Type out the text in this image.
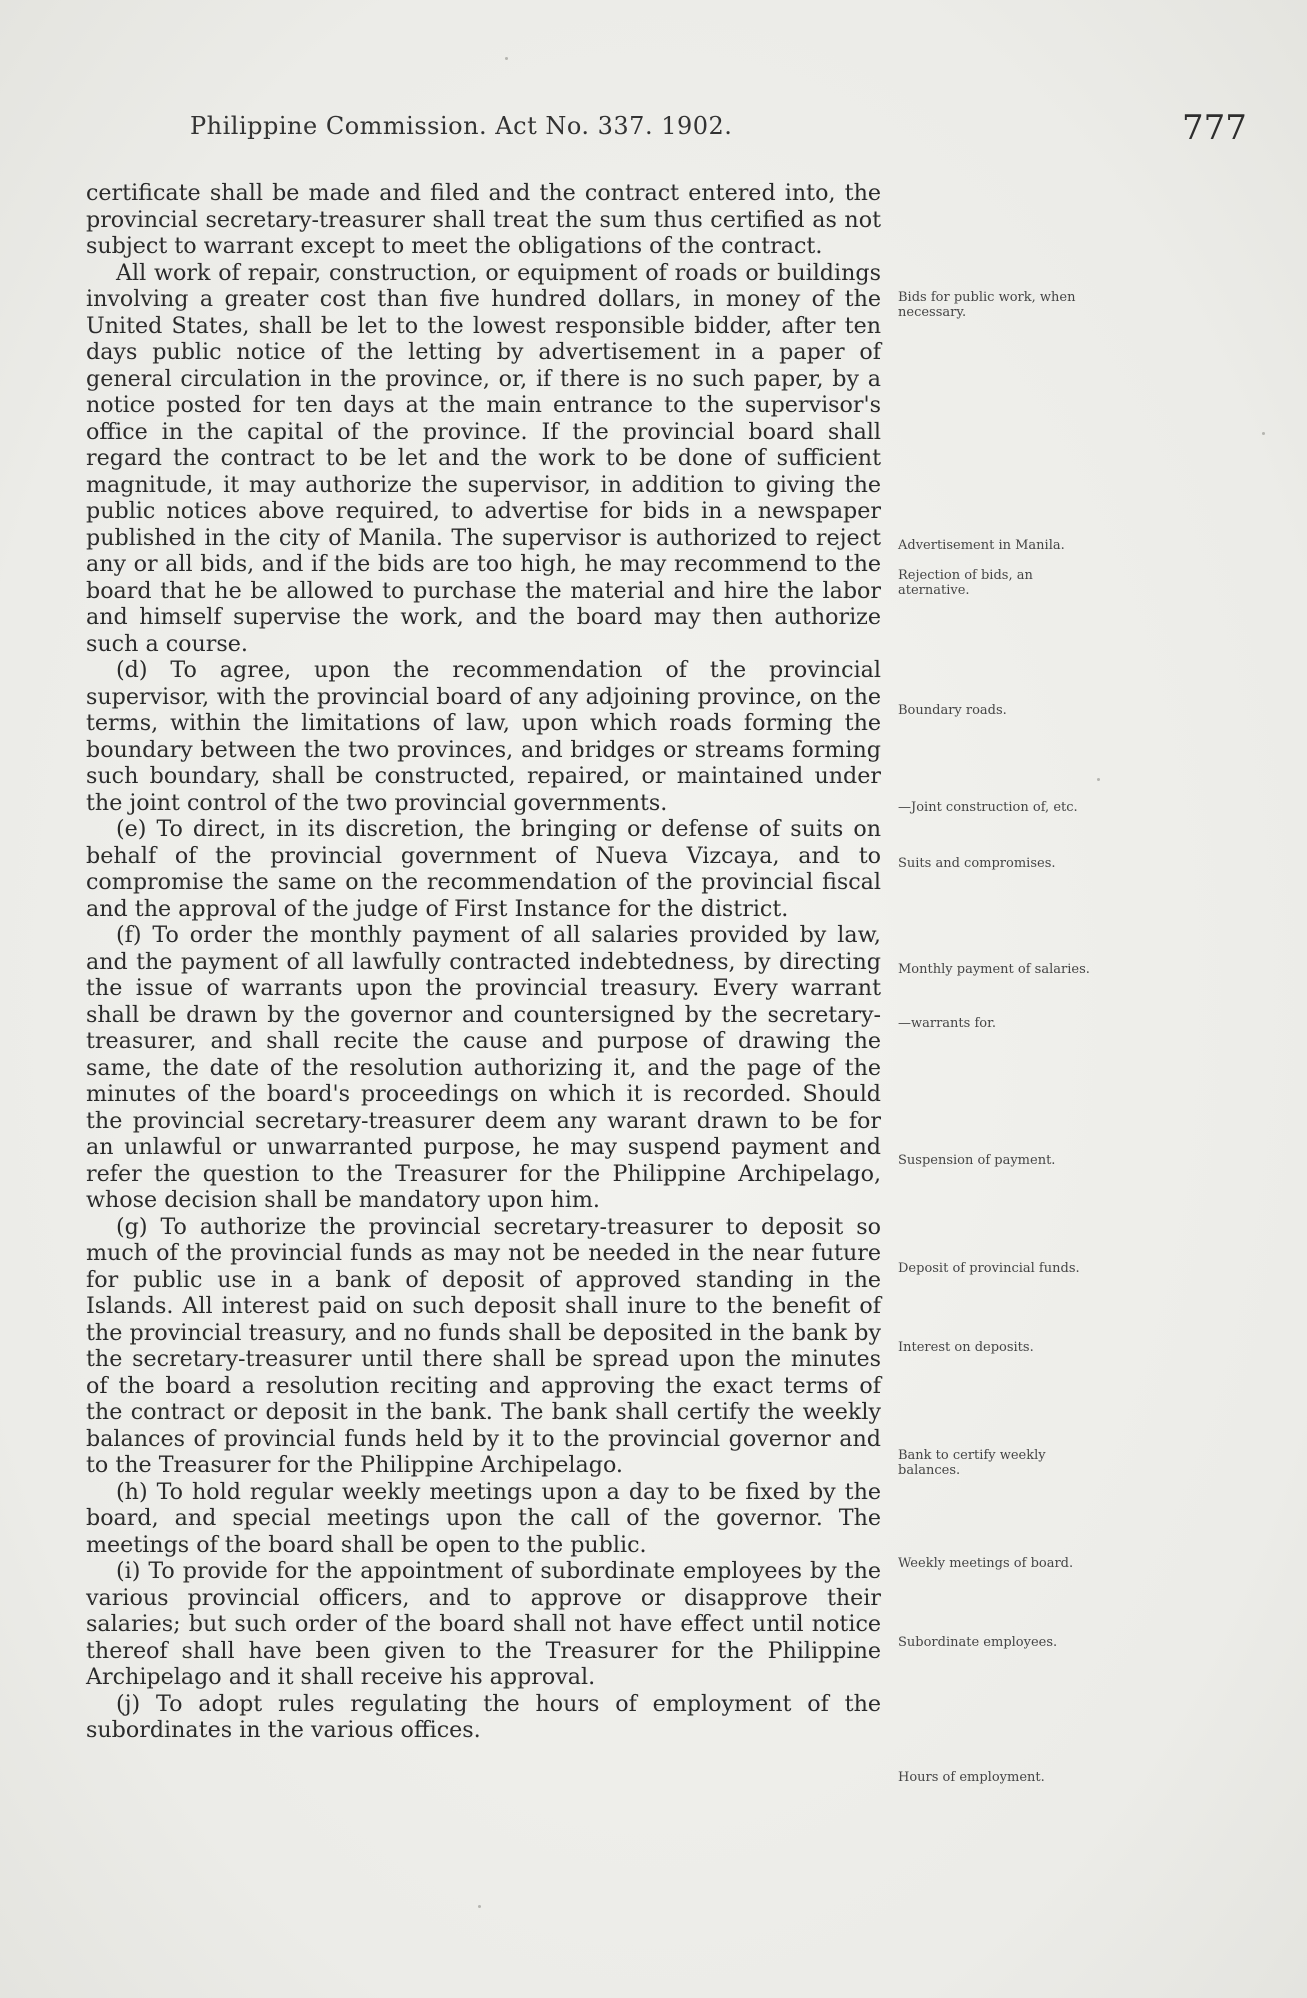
Philippine Commission. Act No. 337. 1902.	777

certificate shall be made and filed and the contract entered into, the provincial secretary-treasurer shall treat the sum thus certified as not subject to warrant except to meet the obligations of the contract.

All work of repair, construction, or equipment of roads or buildings involving a greater cost than five hundred dollars, in money of the United States, shall be let to the lowest responsible bidder, after ten days public notice of the letting by advertisement in a paper of general circulation in the province, or, if there is no such paper, by a notice posted for ten days at the main entrance to the supervisor's office in the capital of the province. If the provincial board shall regard the contract to be let and the work to be done of sufficient magnitude, it may authorize the supervisor, in addition to giving the public notices above required, to advertise for bids in a newspaper published in the city of Manila. The supervisor is authorized to reject any or all bids, and if the bids are too high, he may recommend to the board that he be allowed to purchase the material and hire the labor and himself supervise the work, and the board may then authorize such a course.

(d) To agree, upon the recommendation of the provincial supervisor, with the provincial board of any adjoining province, on the terms, within the limitations of law, upon which roads forming the boundary between the two provinces, and bridges or streams forming such boundary, shall be constructed, repaired, or maintained under the joint control of the two provincial governments.

(e) To direct, in its discretion, the bringing or defense of suits on behalf of the provincial government of Nueva Vizcaya, and to compromise the same on the recommendation of the provincial fiscal and the approval of the judge of First Instance for the district.

(f) To order the monthly payment of all salaries provided by law, and the payment of all lawfully contracted indebtedness, by directing the issue of warrants upon the provincial treasury. Every warrant shall be drawn by the governor and countersigned by the secretary-treasurer, and shall recite the cause and purpose of drawing the same, the date of the resolution authorizing it, and the page of the minutes of the board's proceedings on which it is recorded. Should the provincial secretary-treasurer deem any warant drawn to be for an unlawful or unwarranted purpose, he may suspend payment and refer the question to the Treasurer for the Philippine Archipelago, whose decision shall be mandatory upon him.

(g) To authorize the provincial secretary-treasurer to deposit so much of the provincial funds as may not be needed in the near future for public use in a bank of deposit of approved standing in the Islands. All interest paid on such deposit shall inure to the benefit of the provincial treasury, and no funds shall be deposited in the bank by the secretary-treasurer until there shall be spread upon the minutes of the board a resolution reciting and approving the exact terms of the contract or deposit in the bank. The bank shall certify the weekly balances of provincial funds held by it to the provincial governor and to the Treasurer for the Philippine Archipelago.

(h) To hold regular weekly meetings upon a day to be fixed by the board, and special meetings upon the call of the governor. The meetings of the board shall be open to the public.

(i) To provide for the appointment of subordinate employees by the various provincial officers, and to approve or disapprove their salaries; but such order of the board shall not have effect until notice thereof shall have been given to the Treasurer for the Philippine Archipelago and it shall receive his approval.

(j) To adopt rules regulating the hours of employment of the subordinates in the various offices.

Bids for public work, when necessary.
Advertisement in Manila.
Rejection of bids, an aternative.
Boundary roads.
—Joint construction of, etc.
Suits and compromises.
Monthly payment of salaries.
—warrants for.
Suspension of payment.
Deposit of provincial funds.
Interest on deposits.
Bank to certify weekly balances.
Weekly meetings of board.
Subordinate employees.
Hours of employment.
